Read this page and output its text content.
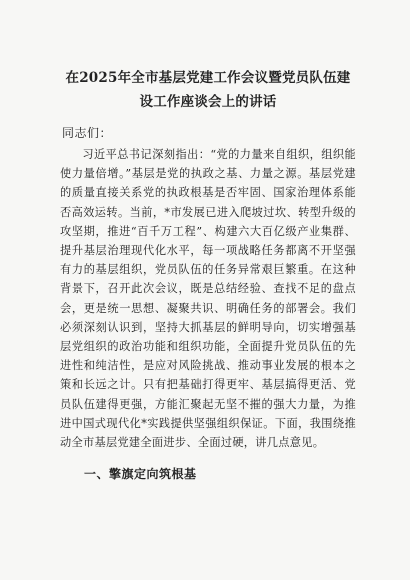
在2025年全市基层党建工作会议暨党员队伍建设工作座谈会上的讲话
同志们：

习近平总书记深刻指出：“党的力量来自组织，组织能使力量倍增。”基层是党的执政之基、力量之源。基层党建的质量直接关系党的执政根基是否牢固、国家治理体系能否高效运转。当前，*市发展已进入爬坡过坎、转型升级的攻坚期，推进“百千万工程”、构建六大百亿级产业集群、提升基层治理现代化水平，每一项战略任务都离不开坚强有力的基层组织，党员队伍的任务异常艰巨繁重。在这种背景下，召开此次会议，既是总结经验、查找不足的盘点会，更是统一思想、凝聚共识、明确任务的部署会。我们必须深刻认识到，坚持大抓基层的鲜明导向，切实增强基层党组织的政治功能和组织功能，全面提升党员队伍的先进性和纯洁性，是应对风险挑战、推动事业发展的根本之策和长远之计。只有把基础打得更牢、基层搞得更活、党员队伍建得更强，方能汇聚起无坚不摧的强大力量，为推进中国式现代化*实践提供坚强组织保证。下面，我围绕推动全市基层党建全面进步、全面过硬，讲几点意见。

一、擎旗定向筑根基
